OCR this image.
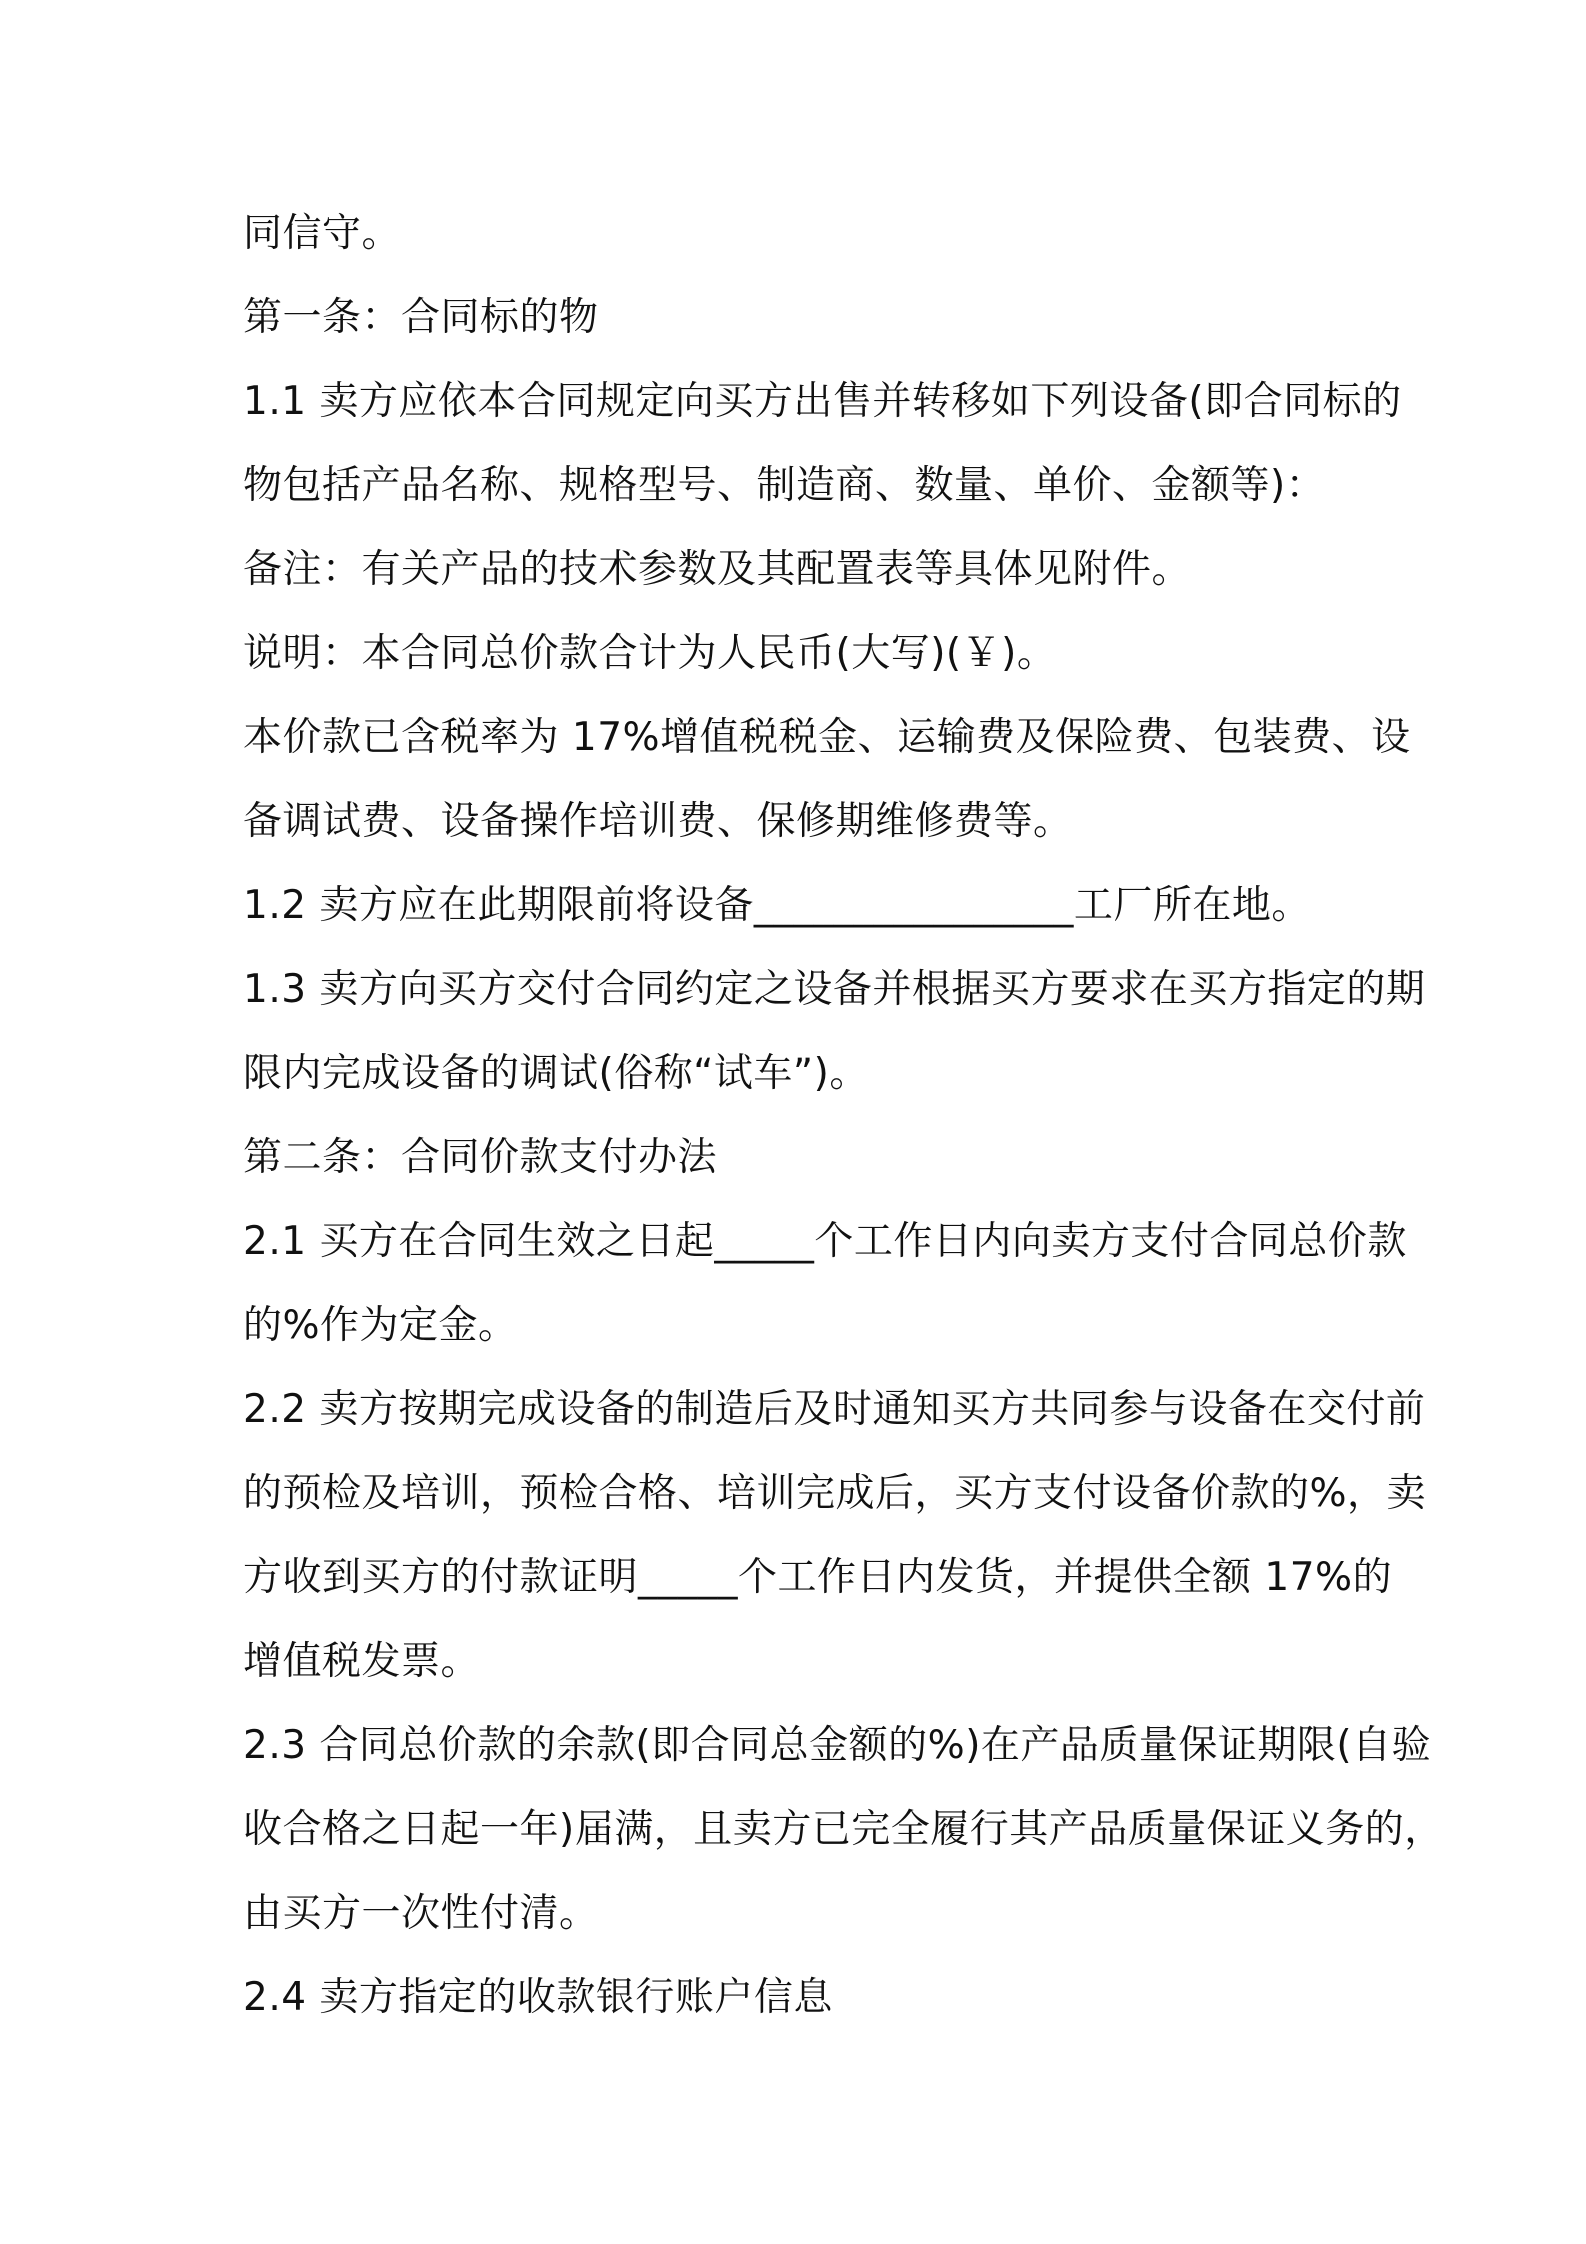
同信守。
第一条：合同标的物
1.1 卖方应依本合同规定向买方出售并转移如下列设备(即合同标的
物包括产品名称、规格型号、制造商、数量、单价、金额等)：
备注：有关产品的技术参数及其配置表等具体见附件。
说明：本合同总价款合计为人民币(大写)(￥)。
本价款已含税率为 17%增值税税金、运输费及保险费、包装费、设
备调试费、设备操作培训费、保修期维修费等。
1.2 卖方应在此期限前将设备________________工厂所在地。
1.3 卖方向买方交付合同约定之设备并根据买方要求在买方指定的期
限内完成设备的调试(俗称“试车”)。
第二条：合同价款支付办法
2.1 买方在合同生效之日起_____个工作日内向卖方支付合同总价款
的%作为定金。
2.2 卖方按期完成设备的制造后及时通知买方共同参与设备在交付前
的预检及培训，预检合格、培训完成后，买方支付设备价款的%，卖
方收到买方的付款证明_____个工作日内发货，并提供全额 17%的
增值税发票。
2.3 合同总价款的余款(即合同总金额的%)在产品质量保证期限(自验
收合格之日起一年)届满，且卖方已完全履行其产品质量保证义务的，
由买方一次性付清。
2.4 卖方指定的收款银行账户信息
